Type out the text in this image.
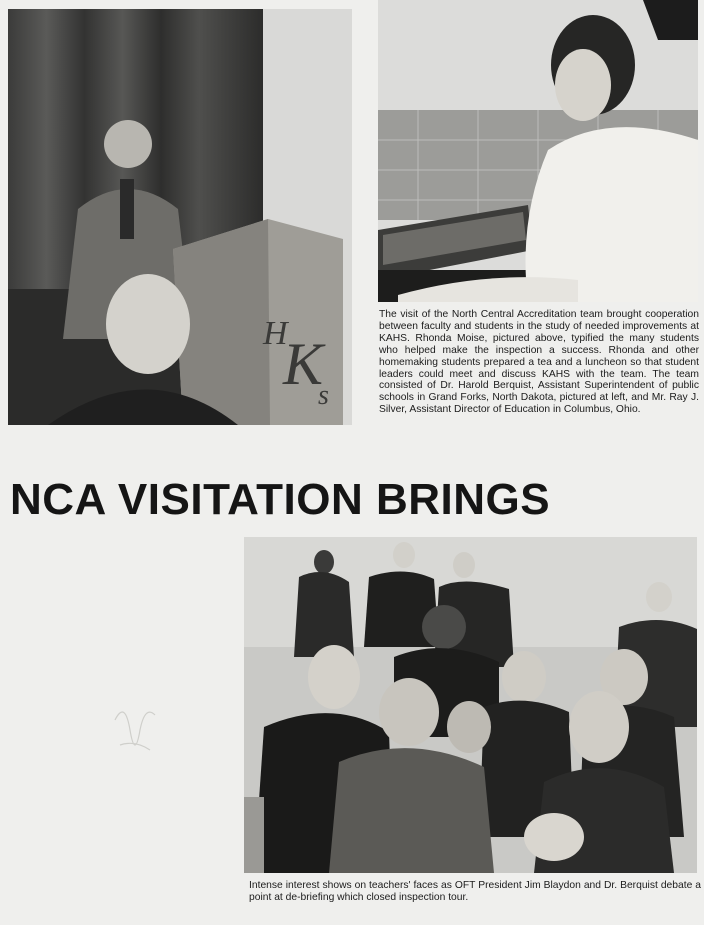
H
K
s
The visit of the North Central Accreditation team brought cooperation between faculty and students in the study of needed improvements at KAHS. Rhonda Moise, pictured above, typified the many students who helped make the inspection a success. Rhonda and other homemaking students prepared a tea and a luncheon so that student leaders could meet and discuss KAHS with the team. The team consisted of Dr. Harold Berquist, Assistant Superintendent of public schools in Grand Forks, North Dakota, pictured at left, and Mr. Ray J. Silver, Assistant Director of Education in Columbus, Ohio.
NCA VISITATION BRINGS
Intense interest shows on teachers' faces as OFT President Jim Blaydon and Dr. Berquist debate a point at de-briefing which closed inspection tour.
